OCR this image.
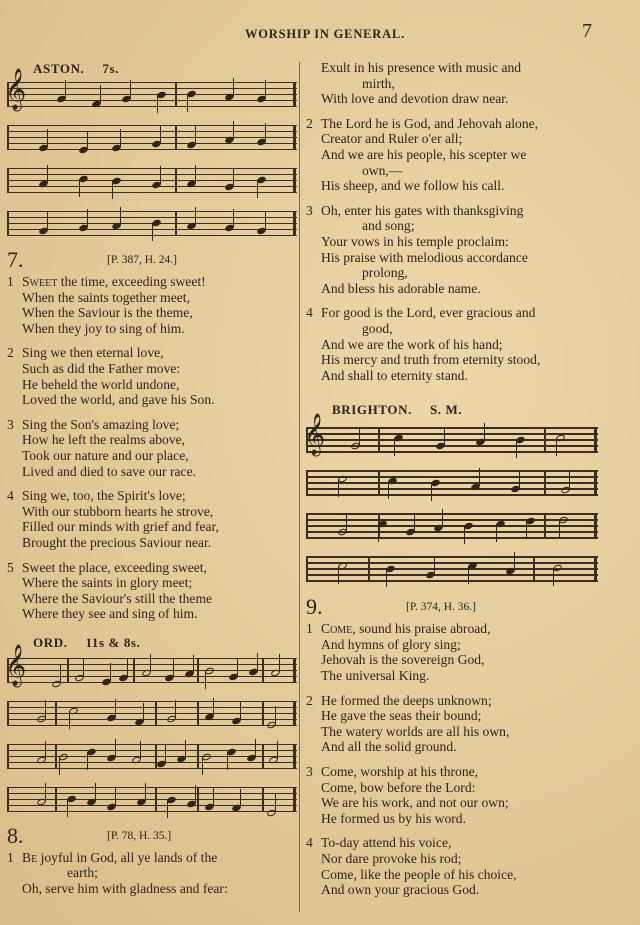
WORSHIP IN GENERAL.	7
ASTON. 7s.
𝄞
7.	[P. 387, H. 24.]
1 Sweet the time, exceeding sweet!
When the saints together meet,
When the Saviour is the theme,
When they joy to sing of him.
2 Sing we then eternal love,
Such as did the Father move:
He beheld the world undone,
Loved the world, and gave his Son.
3 Sing the Son's amazing love;
How he left the realms above,
Took our nature and our place,
Lived and died to save our race.
4 Sing we, too, the Spirit's love;
With our stubborn hearts he strove,
Filled our minds with grief and fear,
Brought the precious Saviour near.
5 Sweet the place, exceeding sweet,
Where the saints in glory meet;
Where the Saviour's still the theme
Where they see and sing of him.
ORD. 11s & 8s.
𝄞
8.	[P. 78, H. 35.]
1 Be joyful in God, all ye lands of the
earth;
Oh, serve him with gladness and fear:
Exult in his presence with music and
mirth,
With love and devotion draw near.
2 The Lord he is God, and Jehovah alone,
Creator and Ruler o'er all;
And we are his people, his scepter we
own,—
His sheep, and we follow his call.
3 Oh, enter his gates with thanksgiving
and song;
Your vows in his temple proclaim:
His praise with melodious accordance
prolong,
And bless his adorable name.
4 For good is the Lord, ever gracious and
good,
And we are the work of his hand;
His mercy and truth from eternity stood,
And shall to eternity stand.
BRIGHTON. S. M.
𝄞
9.	[P. 374, H. 36.]
1 Come, sound his praise abroad,
And hymns of glory sing;
Jehovah is the sovereign God,
The universal King.
2 He formed the deeps unknown;
He gave the seas their bound;
The watery worlds are all his own,
And all the solid ground.
3 Come, worship at his throne,
Come, bow before the Lord:
We are his work, and not our own;
He formed us by his word.
4 To-day attend his voice,
Nor dare provoke his rod;
Come, like the people of his choice,
And own your gracious God.
